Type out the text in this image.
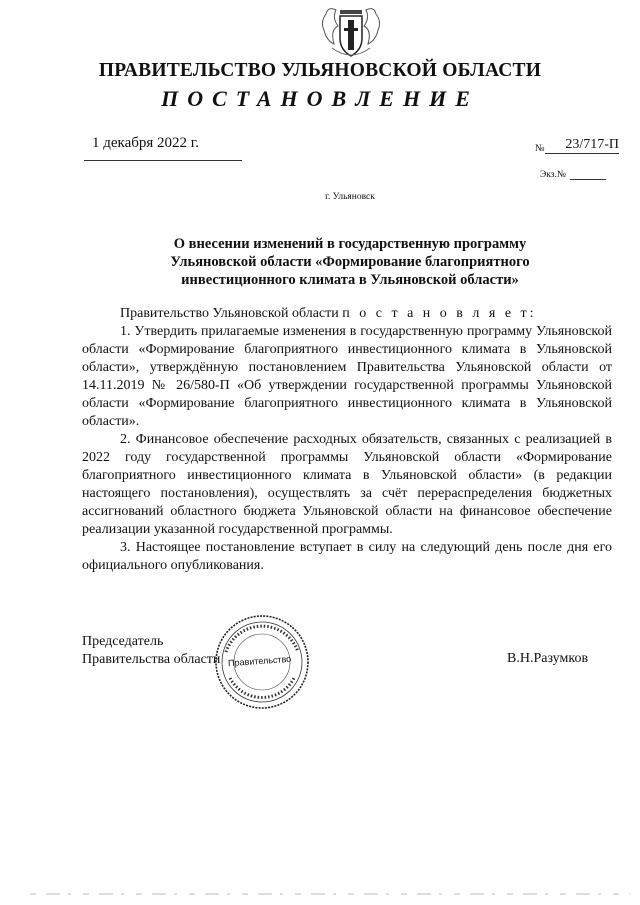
ПРАВИТЕЛЬСТВО УЛЬЯНОВСКОЙ ОБЛАСТИ
ПОСТАНОВЛЕНИЕ
1 декабря 2022 г.	№	23/717-П
Экз.№
г. Ульяновск
О внесении изменений в государственную программу Ульяновской области «Формирование благоприятного инвестиционного климата в Ульяновской области»

Правительство Ульяновской области п о с т а н о в л я е т:

1. Утвердить прилагаемые изменения в государственную программу Ульяновской области «Формирование благоприятного инвестиционного климата в Ульяновской области», утверждённую постановлением Правительства Ульяновской области от 14.11.2019 № 26/580-П «Об утверждении государственной программы Ульяновской области «Формирование благоприятного инвестиционного климата в Ульяновской области».

2. Финансовое обеспечение расходных обязательств, связанных с реализацией в 2022 году государственной программы Ульяновской области «Формирование благоприятного инвестиционного климата в Ульяновской области» (в редакции настоящего постановления), осуществлять за счёт перераспределения бюджетных ассигнований областного бюджета Ульяновской области на финансовое обеспечение реализации указанной государственной программы.

3. Настоящее постановление вступает в силу на следующий день после дня его официального опубликования.

Председатель
Правительства области Правительство	В.Н.Разумков
